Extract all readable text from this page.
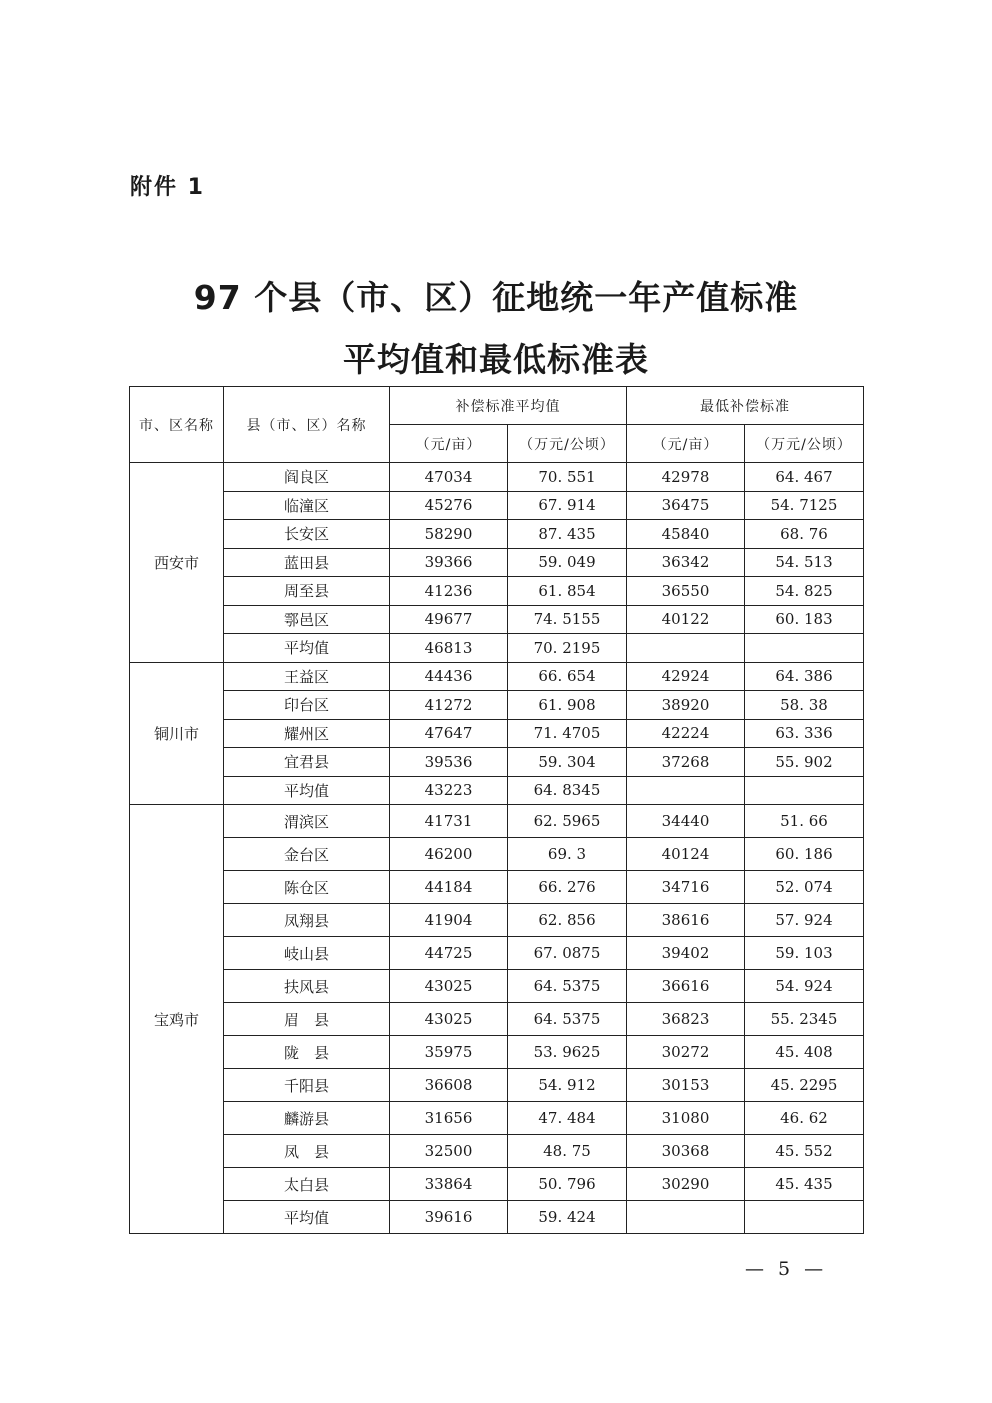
附件 1
97 个县（市、区）征地统一年产值标准
平均值和最低标准表
市、区名称	县（市、区）名称	补偿标准平均值		最低补偿标准	
		（元/亩）	（万元/公顷）	（元/亩）	（万元/公顷）
西安市	阎良区	47034	70. 551	42978	64. 467
	临潼区	45276	67. 914	36475	54. 7125
	长安区	58290	87. 435	45840	68. 76
	蓝田县	39366	59. 049	36342	54. 513
	周至县	41236	61. 854	36550	54. 825
	鄠邑区	49677	74. 5155	40122	60. 183
	平均值	46813	70. 2195		
铜川市	王益区	44436	66. 654	42924	64. 386
	印台区	41272	61. 908	38920	58. 38
	耀州区	47647	71. 4705	42224	63. 336
	宜君县	39536	59. 304	37268	55. 902
	平均值	43223	64. 8345		
宝鸡市	渭滨区	41731	62. 5965	34440	51. 66
	金台区	46200	69. 3	40124	60. 186
	陈仓区	44184	66. 276	34716	52. 074
	凤翔县	41904	62. 856	38616	57. 924
	岐山县	44725	67. 0875	39402	59. 103
	扶风县	43025	64. 5375	36616	54. 924
	眉　县	43025	64. 5375	36823	55. 2345
	陇　县	35975	53. 9625	30272	45. 408
	千阳县	36608	54. 912	30153	45. 2295
	麟游县	31656	47. 484	31080	46. 62
	凤　县	32500	48. 75	30368	45. 552
	太白县	33864	50. 796	30290	45. 435
	平均值	39616	59. 424		
— 5 —
